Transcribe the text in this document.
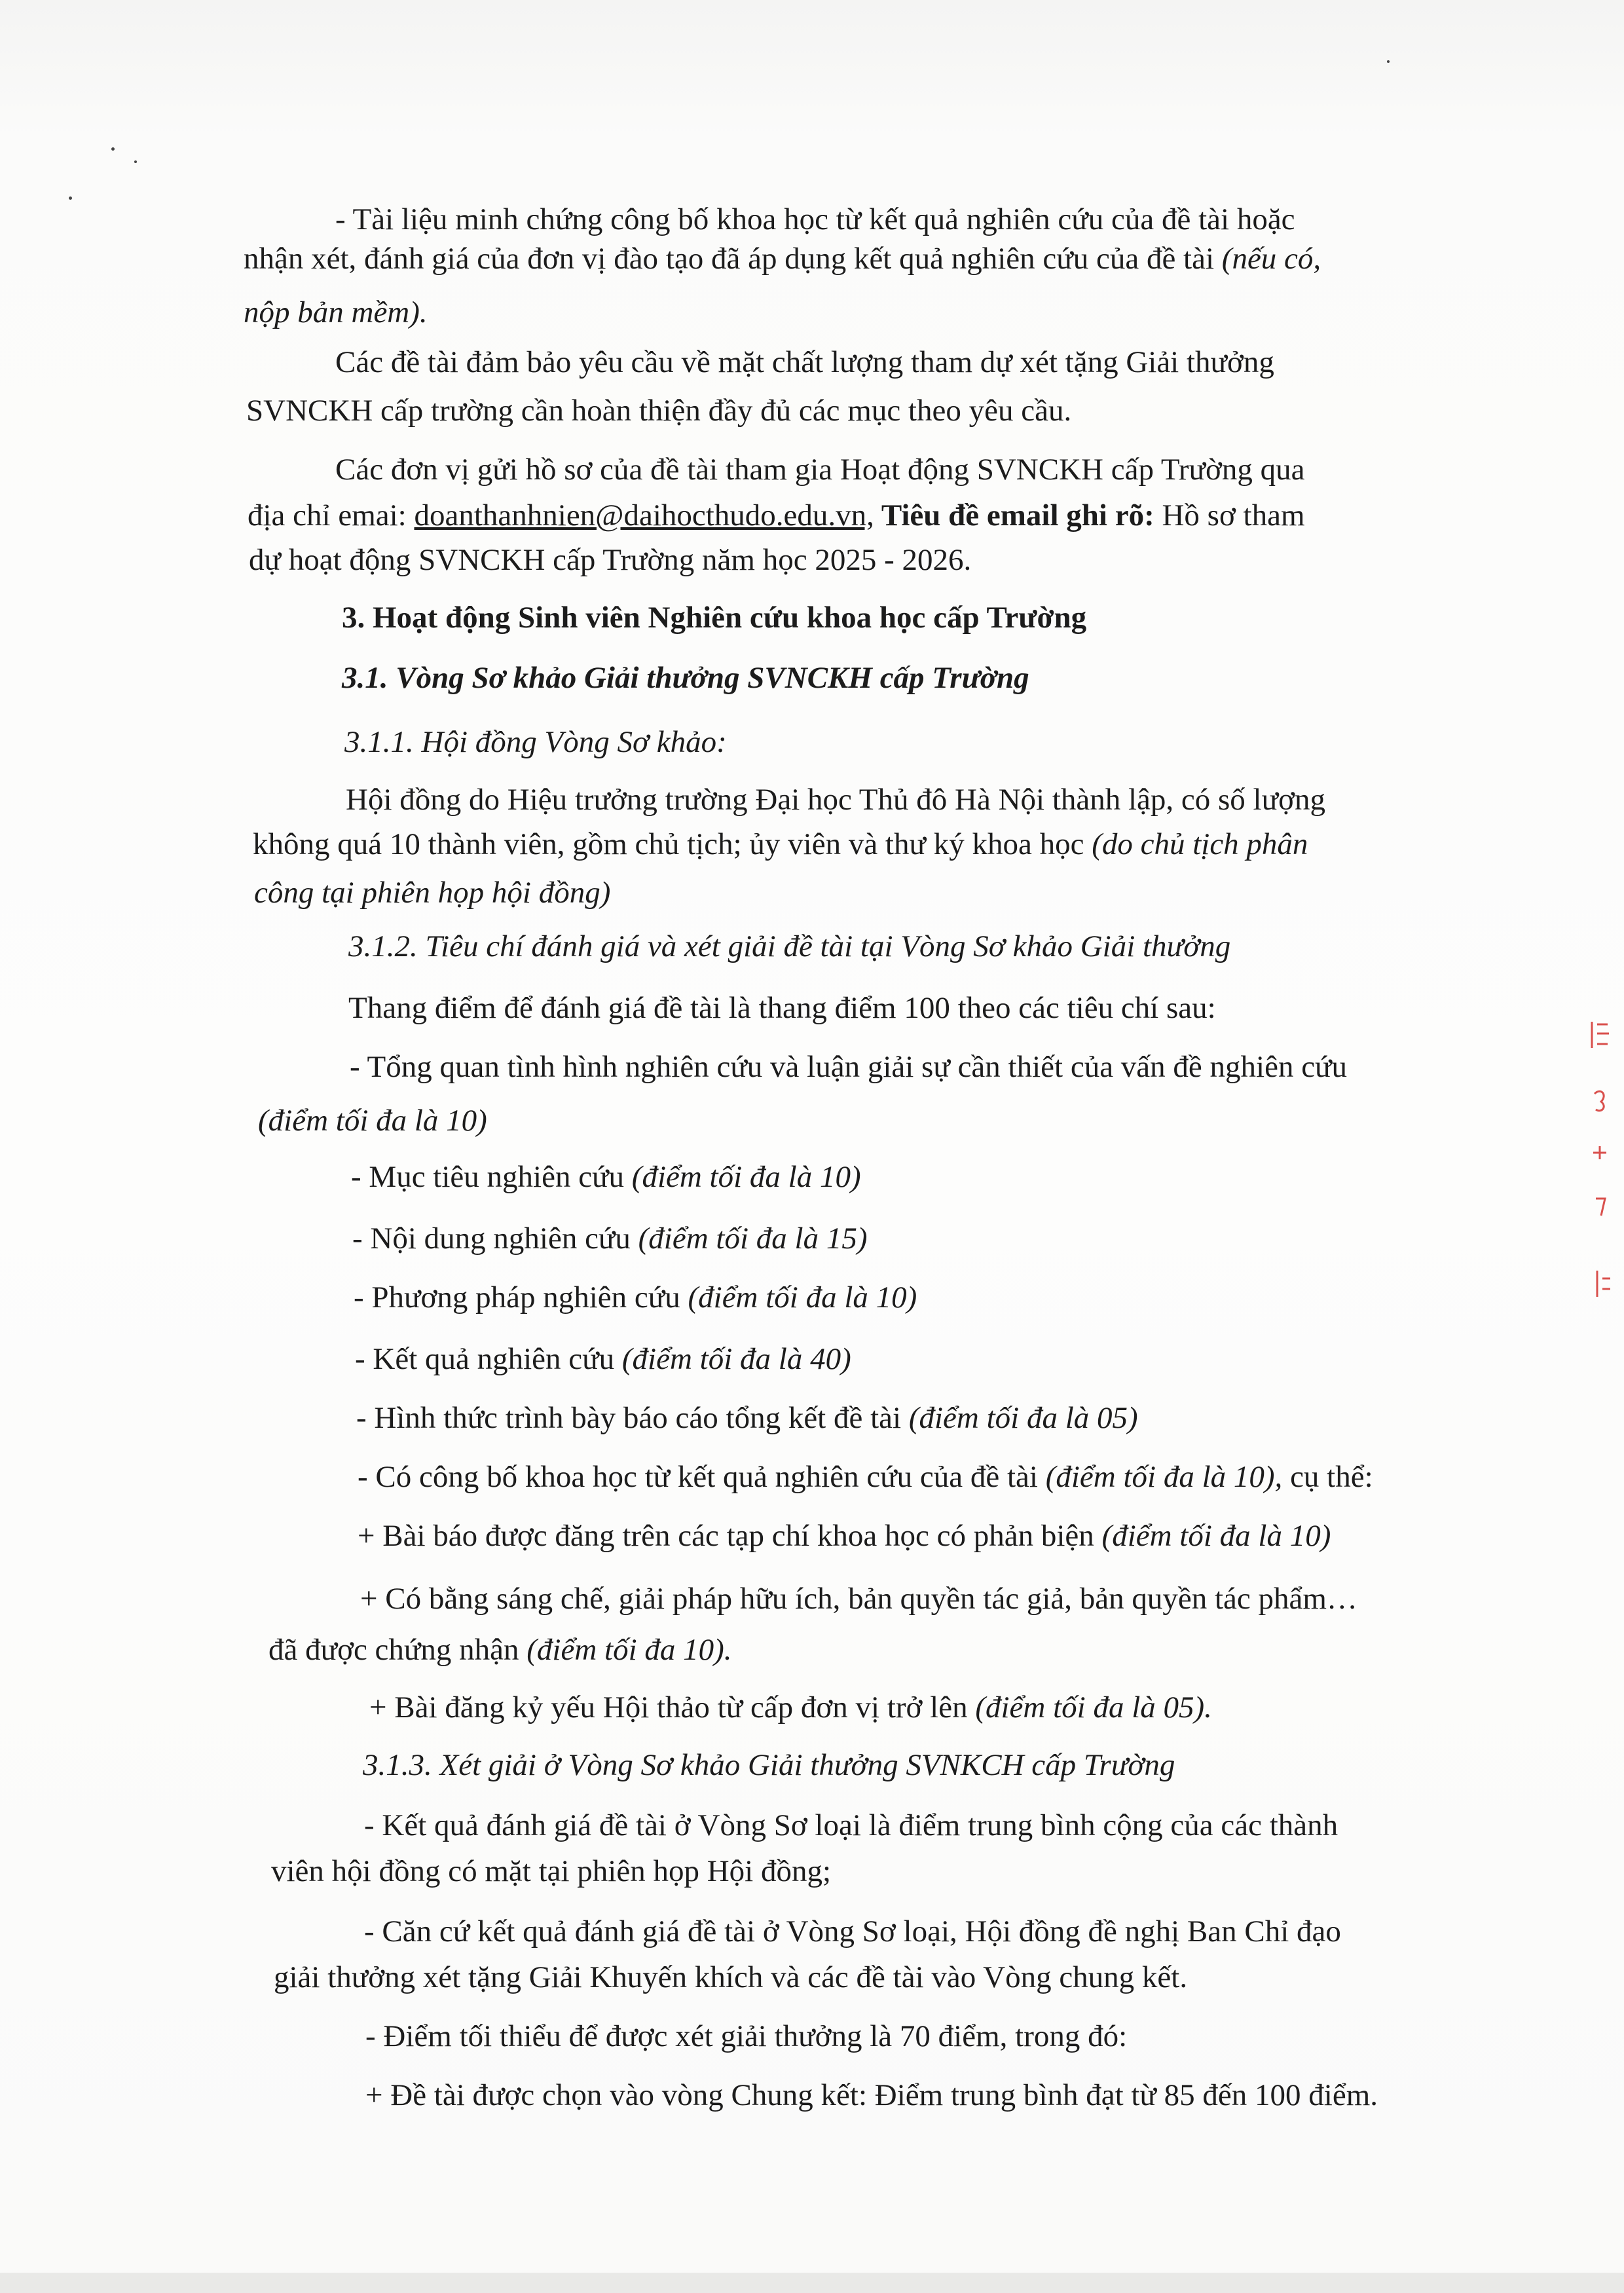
- Tài liệu minh chứng công bố khoa học từ kết quả nghiên cứu của đề tài hoặc
nhận xét, đánh giá của đơn vị đào tạo đã áp dụng kết quả nghiên cứu của đề tài (nếu có,
nộp bản mềm).
Các đề tài đảm bảo yêu cầu về mặt chất lượng tham dự xét tặng Giải thưởng
SVNCKH cấp trường cần hoàn thiện đầy đủ các mục theo yêu cầu.
Các đơn vị gửi hồ sơ của đề tài tham gia Hoạt động SVNCKH cấp Trường qua
địa chỉ emai: doanthanhnien@daihocthudo.edu.vn, Tiêu đề email ghi rõ: Hồ sơ tham
dự hoạt động SVNCKH cấp Trường năm học 2025 - 2026.
3. Hoạt động Sinh viên Nghiên cứu khoa học cấp Trường
3.1. Vòng Sơ khảo Giải thưởng SVNCKH cấp Trường
3.1.1. Hội đồng Vòng Sơ khảo:
Hội đồng do Hiệu trưởng trường Đại học Thủ đô Hà Nội thành lập, có số lượng
không quá 10 thành viên, gồm chủ tịch; ủy viên và thư ký khoa học (do chủ tịch phân
công tại phiên họp hội đồng)
3.1.2. Tiêu chí đánh giá và xét giải đề tài tại Vòng Sơ khảo Giải thưởng
Thang điểm để đánh giá đề tài là thang điểm 100 theo các tiêu chí sau:
- Tổng quan tình hình nghiên cứu và luận giải sự cần thiết của vấn đề nghiên cứu
(điểm tối đa là 10)
- Mục tiêu nghiên cứu (điểm tối đa là 10)
- Nội dung nghiên cứu (điểm tối đa là 15)
- Phương pháp nghiên cứu (điểm tối đa là 10)
- Kết quả nghiên cứu (điểm tối đa là 40)
- Hình thức trình bày báo cáo tổng kết đề tài (điểm tối đa là 05)
- Có công bố khoa học từ kết quả nghiên cứu của đề tài (điểm tối đa là 10), cụ thể:
+ Bài báo được đăng trên các tạp chí khoa học có phản biện (điểm tối đa là 10)
+ Có bằng sáng chế, giải pháp hữu ích, bản quyền tác giả, bản quyền tác phẩm…
đã được chứng nhận (điểm tối đa 10).
+ Bài đăng kỷ yếu Hội thảo từ cấp đơn vị trở lên (điểm tối đa là 05).
3.1.3. Xét giải ở Vòng Sơ khảo Giải thưởng SVNKCH cấp Trường
- Kết quả đánh giá đề tài ở Vòng Sơ loại là điểm trung bình cộng của các thành
viên hội đồng có mặt tại phiên họp Hội đồng;
- Căn cứ kết quả đánh giá đề tài ở Vòng Sơ loại, Hội đồng đề nghị Ban Chỉ đạo
giải thưởng xét tặng Giải Khuyến khích và các đề tài vào Vòng chung kết.
- Điểm tối thiểu để được xét giải thưởng là 70 điểm, trong đó:
+ Đề tài được chọn vào vòng Chung kết: Điểm trung bình đạt từ 85 đến 100 điểm.
